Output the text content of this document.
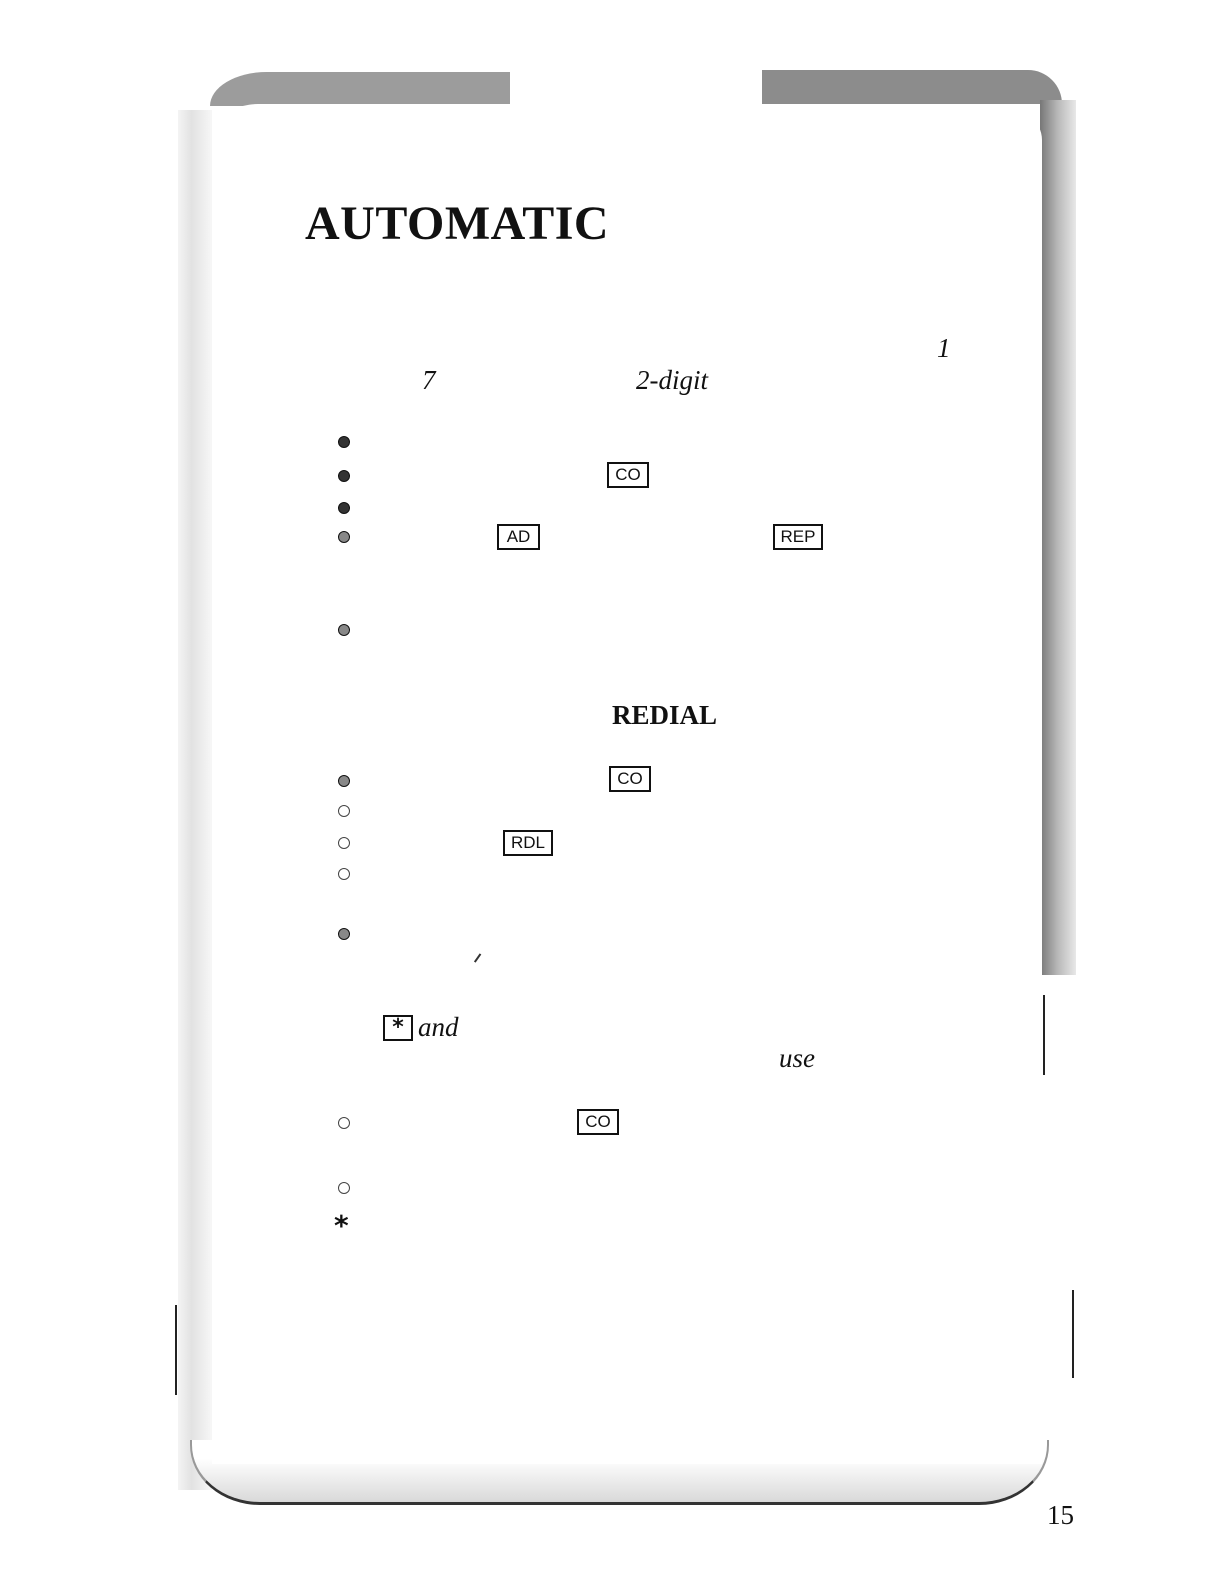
AUTOMATIC
1
7	2-digit
CO
AD	REP
REDIAL
CO
RDL
* and
use
CO
*
15
